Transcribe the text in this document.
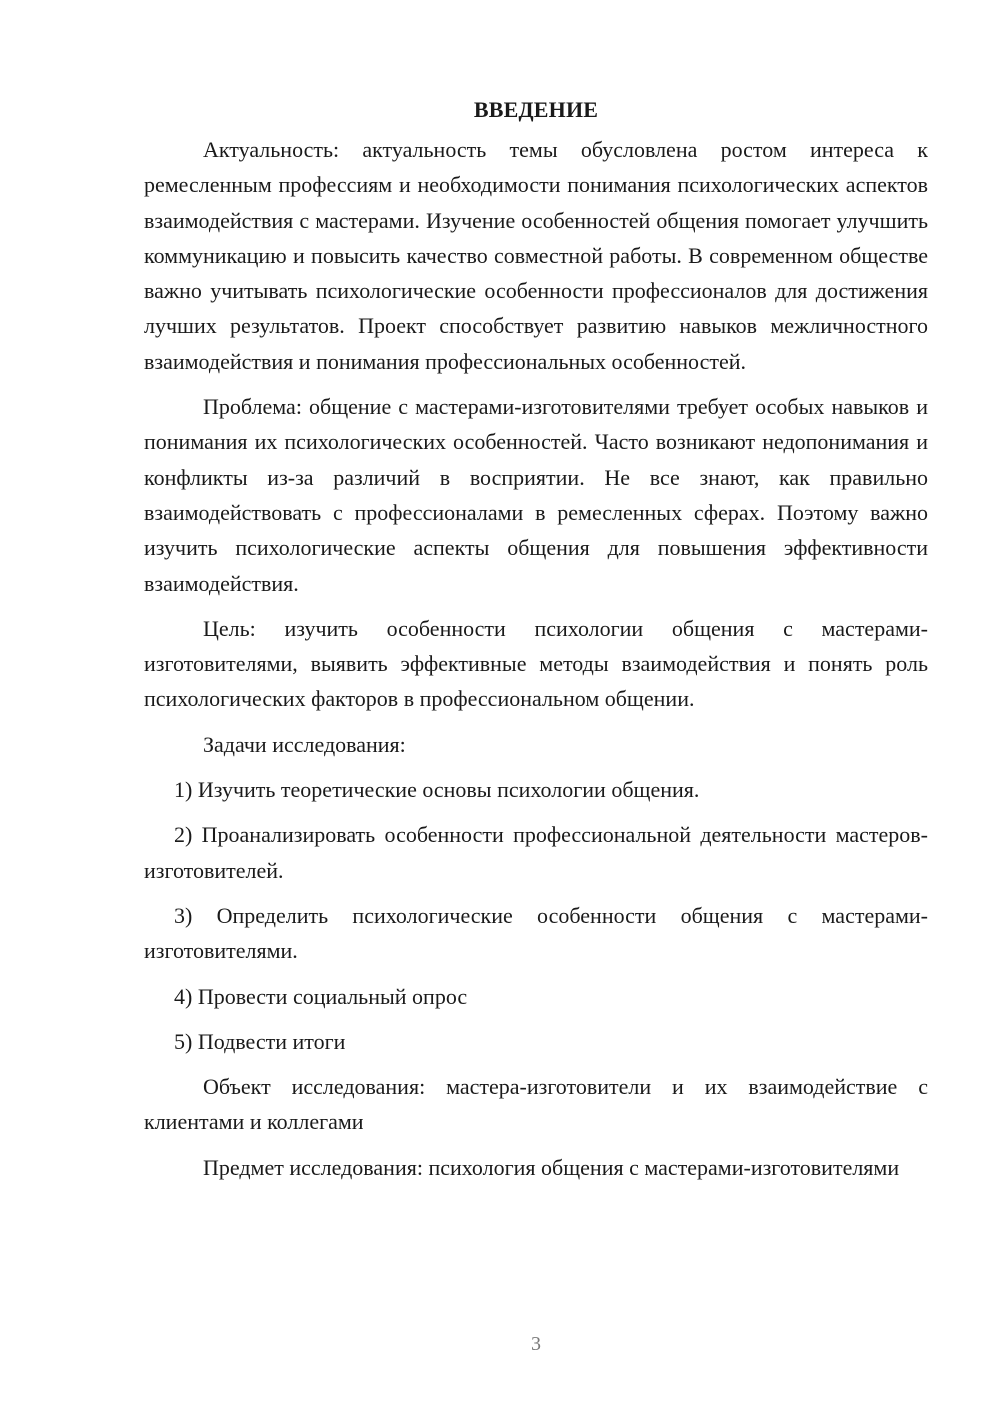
ВВЕДЕНИЕ

Актуальность: актуальность темы обусловлена ростом интереса к ремесленным профессиям и необходимости понимания психологических аспектов взаимодействия с мастерами. Изучение особенностей общения помогает улучшить коммуникацию и повысить качество совместной работы. В современном обществе важно учитывать психологические особенности профессионалов для достижения лучших результатов. Проект способствует развитию навыков межличностного взаимодействия и понимания профессиональных особенностей.

Проблема: общение с мастерами-изготовителями требует особых навыков и понимания их психологических особенностей. Часто возникают недопонимания и конфликты из-за различий в восприятии. Не все знают, как правильно взаимодействовать с профессионалами в ремесленных сферах. Поэтому важно изучить психологические аспекты общения для повышения эффективности взаимодействия.

Цель: изучить особенности психологии общения с мастерами-изготовителями, выявить эффективные методы взаимодействия и понять роль психологических факторов в профессиональном общении.

Задачи исследования:

1) Изучить теоретические основы психологии общения.

2) Проанализировать особенности профессиональной деятельности мастеров-изготовителей.

3) Определить психологические особенности общения с мастерами-изготовителями.

4) Провести социальный опрос

5) Подвести итоги

Объект исследования: мастера-изготовители и их взаимодействие с клиентами и коллегами

Предмет исследования: психология общения с мастерами-изготовителями

3
